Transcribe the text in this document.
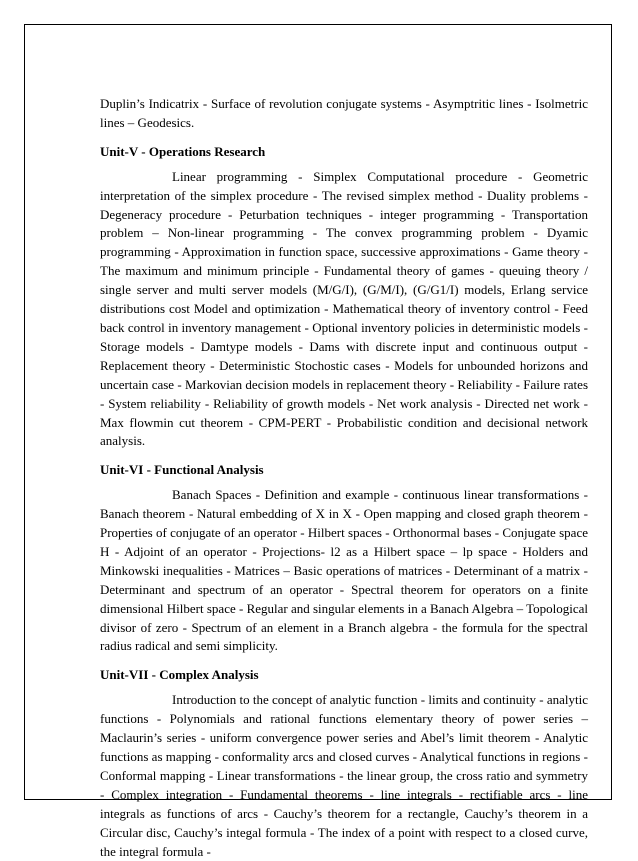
Duplin’s Indicatrix - Surface of revolution conjugate systems - Asymptritic lines - Isolmetric lines – Geodesics.

Unit-V - Operations Research

Linear programming - Simplex Computational procedure - Geometric interpretation of the simplex procedure - The revised simplex method - Duality problems - Degeneracy procedure - Peturbation techniques - integer programming - Transportation problem – Non-linear programming - The convex programming problem - Dyamic programming - Approximation in function space, successive approximations - Game theory - The maximum and minimum principle - Fundamental theory of games - queuing theory / single server and multi server models (M/G/I), (G/M/I), (G/G1/I) models, Erlang service distributions cost Model and optimization - Mathematical theory of inventory control - Feed back control in inventory management - Optional inventory policies in deterministic models - Storage models - Damtype models - Dams with discrete input and continuous output - Replacement theory - Deterministic Stochostic cases - Models for unbounded horizons and uncertain case - Markovian decision models in replacement theory - Reliability - Failure rates - System reliability - Reliability of growth models - Net work analysis - Directed net work - Max flowmin cut theorem - CPM-PERT - Probabilistic condition and decisional network analysis.

Unit-VI - Functional Analysis

Banach Spaces - Definition and example - continuous linear transformations - Banach theorem - Natural embedding of X in X - Open mapping and closed graph theorem - Properties of conjugate of an operator - Hilbert spaces - Orthonormal bases - Conjugate space H - Adjoint of an operator - Projections- l2 as a Hilbert space – lp space - Holders and Minkowski inequalities - Matrices – Basic operations of matrices - Determinant of a matrix - Determinant and spectrum of an operator - Spectral theorem for operators on a finite dimensional Hilbert space - Regular and singular elements in a Banach Algebra – Topological divisor of zero - Spectrum of an element in a Branch algebra - the formula for the spectral radius radical and semi simplicity.

Unit-VII - Complex Analysis

Introduction to the concept of analytic function - limits and continuity - analytic functions - Polynomials and rational functions elementary theory of power series – Maclaurin’s series - uniform convergence power series and Abel’s limit theorem - Analytic functions as mapping - conformality arcs and closed curves - Analytical functions in regions - Conformal mapping - Linear transformations - the linear group, the cross ratio and symmetry - Complex integration - Fundamental theorems - line integrals - rectifiable arcs - line integrals as functions of arcs - Cauchy’s theorem for a rectangle, Cauchy’s theorem in a Circular disc, Cauchy’s integal formula - The index of a point with respect to a closed curve, the integral formula -
